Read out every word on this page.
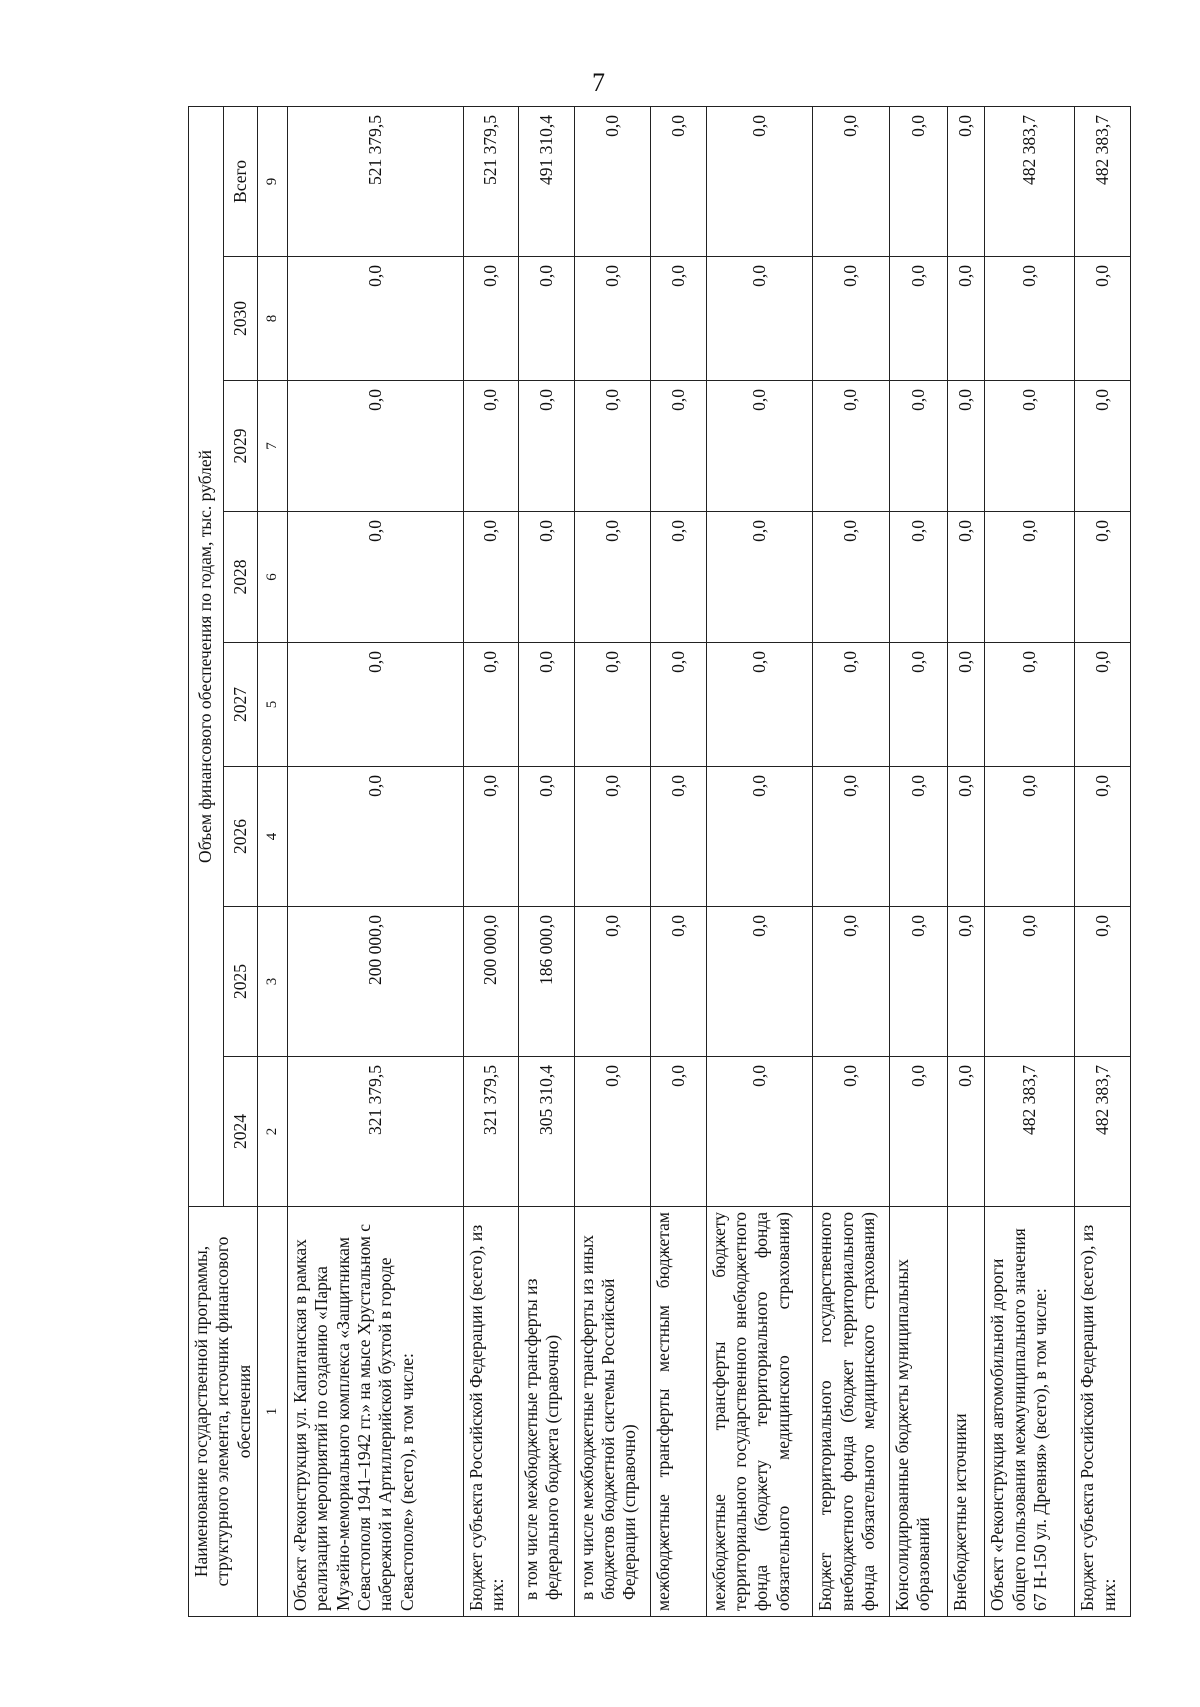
7
Наименование государственной программы, структурного элемента, источник финансового обеспечения	Объем финансового обеспечения по годам, тыс. рублей							
	2024	2025	2026	2027	2028	2029	2030	Всего
1	2	3	4	5	6	7	8	9
Объект «Реконструкция ул. Капитанская в рамках реализации мероприятий по созданию «Парка Музейно-мемориального комплекса «Защитникам Севастополя 1941–1942 гг.» на мысе Хрустальном с набережной и Артиллерийской бухтой в городе Севастополе» (всего), в том числе:	321 379,5	200 000,0	0,0	0,0	0,0	0,0	0,0	521 379,5
Бюджет субъекта Российской Федерации (всего), из них:	321 379,5	200 000,0	0,0	0,0	0,0	0,0	0,0	521 379,5
в том числе межбюджетные трансферты из федерального бюджета (справочно)	305 310,4	186 000,0	0,0	0,0	0,0	0,0	0,0	491 310,4
в том числе межбюджетные трансферты из иных бюджетов бюджетной системы Российской Федерации (справочно)	0,0	0,0	0,0	0,0	0,0	0,0	0,0	0,0
межбюджетные трансферты местным бюджетам	0,0	0,0	0,0	0,0	0,0	0,0	0,0	0,0
межбюджетные трансферты бюджету территориального государственного внебюджетного фонда (бюджету территориального фонда обязательного медицинского страхования)	0,0	0,0	0,0	0,0	0,0	0,0	0,0	0,0
Бюджет территориального государственного внебюджетного фонда (бюджет территориального фонда обязательного медицинского страхования)	0,0	0,0	0,0	0,0	0,0	0,0	0,0	0,0
Консолидированные бюджеты муниципальных образований	0,0	0,0	0,0	0,0	0,0	0,0	0,0	0,0
Внебюджетные источники	0,0	0,0	0,0	0,0	0,0	0,0	0,0	0,0
Объект «Реконструкция автомобильной дороги общего пользования межмуниципального значения 67 Н-150 ул. Древняя» (всего), в том числе:	482 383,7	0,0	0,0	0,0	0,0	0,0	0,0	482 383,7
Бюджет субъекта Российской Федерации (всего), из них:	482 383,7	0,0	0,0	0,0	0,0	0,0	0,0	482 383,7
